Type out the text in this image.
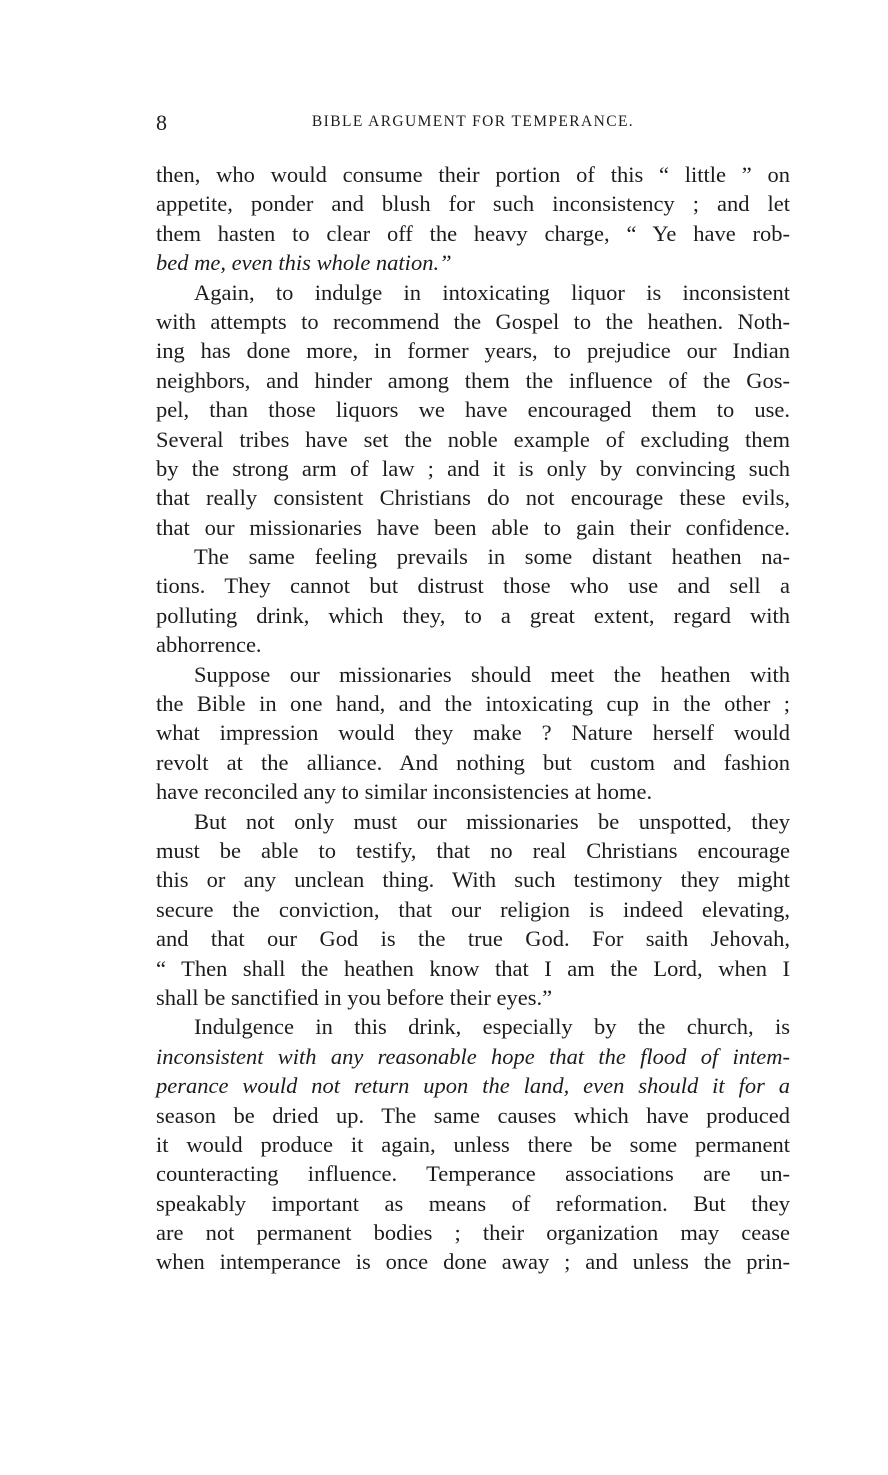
8	BIBLE ARGUMENT FOR TEMPERANCE.
then, who would consume their portion of this “ little ” on
appetite, ponder and blush for such inconsistency ; and let
them hasten to clear off the heavy charge, “ Ye have rob-
bed me, even this whole nation.”
Again, to indulge in intoxicating liquor is inconsistent
with attempts to recommend the Gospel to the heathen. Noth-
ing has done more, in former years, to prejudice our Indian
neighbors, and hinder among them the influence of the Gos-
pel, than those liquors we have encouraged them to use.
Several tribes have set the noble example of excluding them
by the strong arm of law ; and it is only by convincing such
that really consistent Christians do not encourage these evils,
that our missionaries have been able to gain their confidence.
The same feeling prevails in some distant heathen na-
tions. They cannot but distrust those who use and sell a
polluting drink, which they, to a great extent, regard with
abhorrence.
Suppose our missionaries should meet the heathen with
the Bible in one hand, and the intoxicating cup in the other ;
what impression would they make ? Nature herself would
revolt at the alliance. And nothing but custom and fashion
have reconciled any to similar inconsistencies at home.
But not only must our missionaries be unspotted, they
must be able to testify, that no real Christians encourage
this or any unclean thing. With such testimony they might
secure the conviction, that our religion is indeed elevating,
and that our God is the true God. For saith Jehovah,
“ Then shall the heathen know that I am the Lord, when I
shall be sanctified in you before their eyes.”
Indulgence in this drink, especially by the church, is
inconsistent with any reasonable hope that the flood of intem-
perance would not return upon the land, even should it for a
season be dried up. The same causes which have produced
it would produce it again, unless there be some permanent
counteracting influence. Temperance associations are un-
speakably important as means of reformation. But they
are not permanent bodies ; their organization may cease
when intemperance is once done away ; and unless the prin-
